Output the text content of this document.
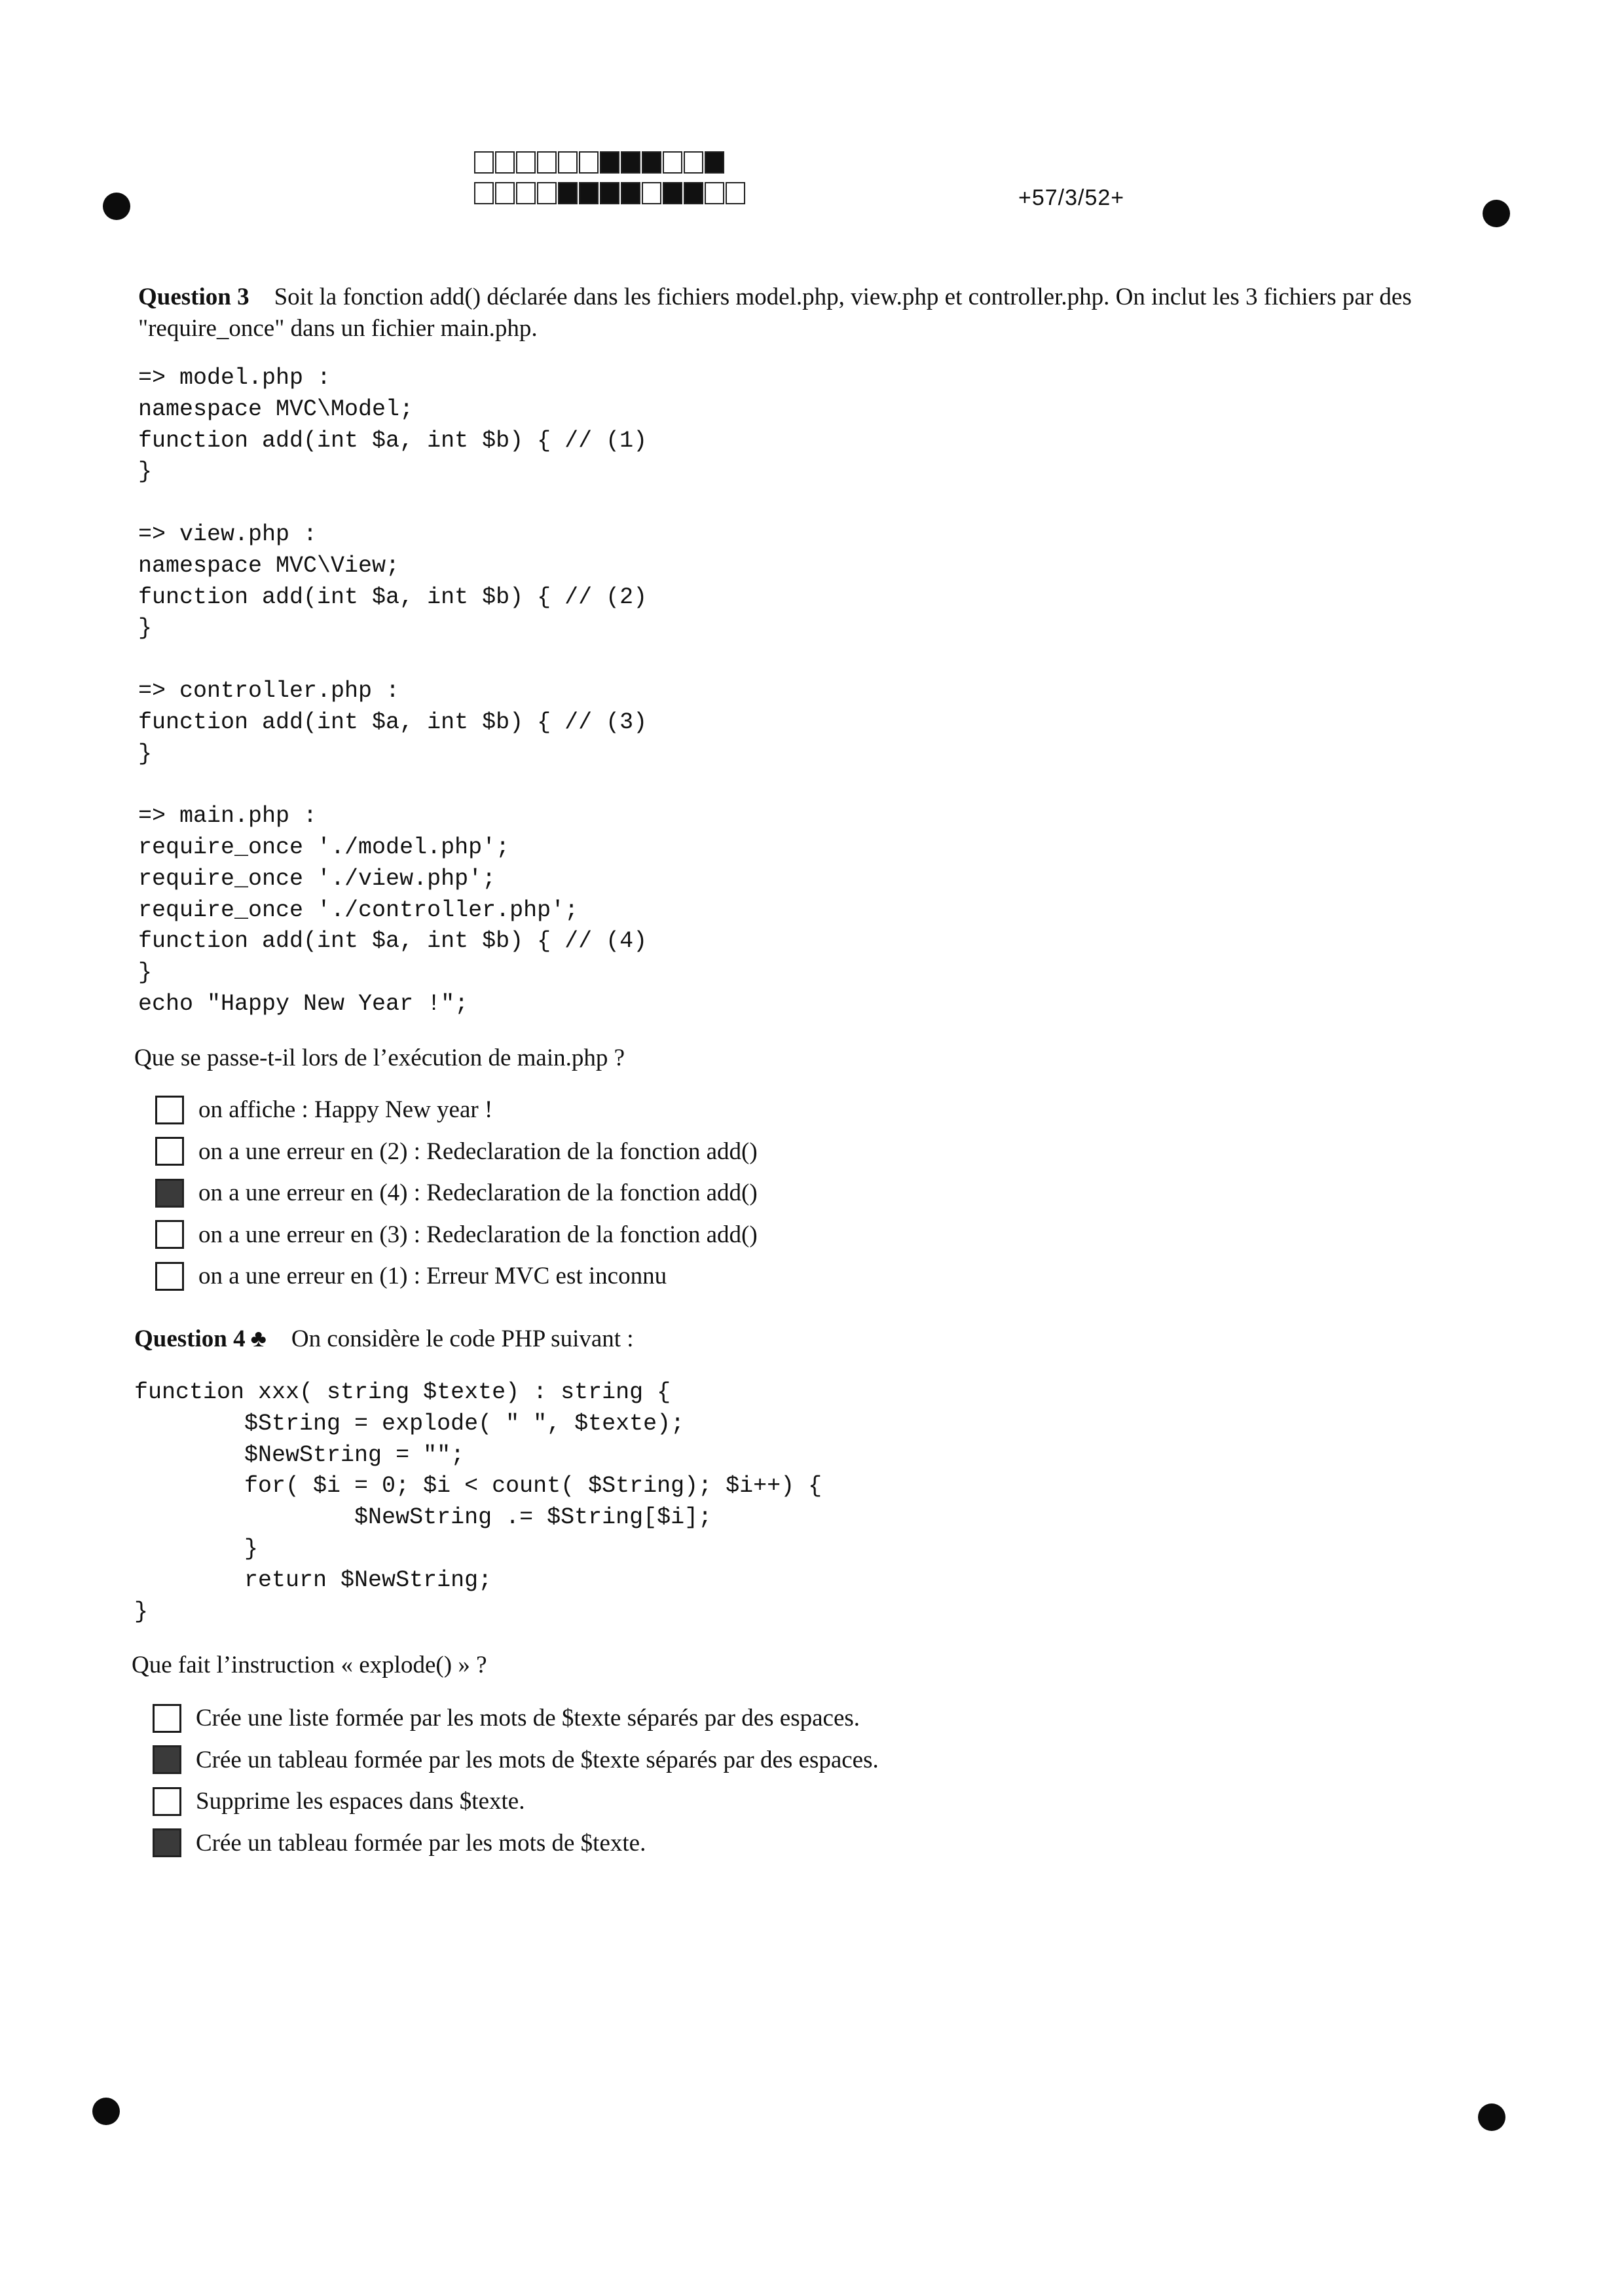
+57/3/52+
Question 3 Soit la fonction add() déclarée dans les fichiers model.php, view.php et controller.php. On inclut les 3 fichiers par des "require_once" dans un fichier main.php.
=> model.php :
namespace MVC\Model;
function add(int $a, int $b) { // (1)
}

=> view.php :
namespace MVC\View;
function add(int $a, int $b) { // (2)
}

=> controller.php :
function add(int $a, int $b) { // (3)
}

=> main.php :
require_once './model.php';
require_once './view.php';
require_once './controller.php';
function add(int $a, int $b) { // (4)
}
echo "Happy New Year !";
Que se passe-t-il lors de l’exécution de main.php ?
on affiche : Happy New year !
on a une erreur en (2) : Redeclaration de la fonction add()
on a une erreur en (4) : Redeclaration de la fonction add()
on a une erreur en (3) : Redeclaration de la fonction add()
on a une erreur en (1) : Erreur MVC est inconnu
Question 4 ♣ On considère le code PHP suivant :
function xxx( string $texte) : string {
$String = explode( " ", $texte);
$NewString = "";
for( $i = 0; $i < count( $String); $i++) {
$NewString .= $String[$i];
}
return $NewString;
}
Que fait l’instruction « explode() » ?
Crée une liste formée par les mots de $texte séparés par des espaces.
Crée un tableau formée par les mots de $texte séparés par des espaces.
Supprime les espaces dans $texte.
Crée un tableau formée par les mots de $texte.
